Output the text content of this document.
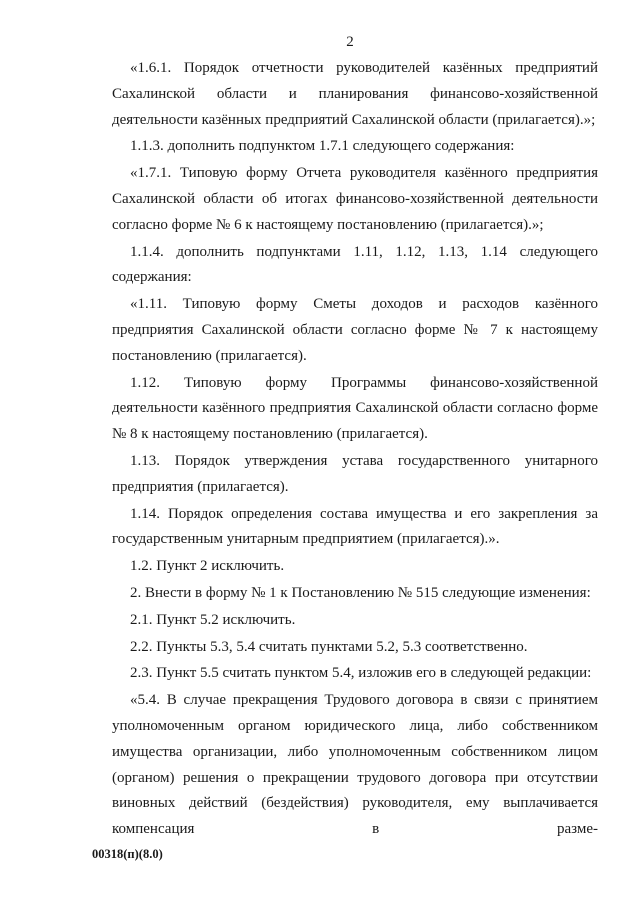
2

«1.6.1. Порядок отчетности руководителей казённых предприятий Сахалинской области и планирования финансово-хозяйственной деятельности казённых предприятий Сахалинской области (прилагается).»;

1.1.3. дополнить подпунктом 1.7.1 следующего содержания:

«1.7.1. Типовую форму Отчета руководителя казённого предприятия Сахалинской области об итогах финансово-хозяйственной деятельности согласно форме № 6 к настоящему постановлению (прилагается).»;

1.1.4. дополнить подпунктами 1.11, 1.12, 1.13, 1.14 следующего содержания:

«1.11. Типовую форму Сметы доходов и расходов казённого предприятия Сахалинской области согласно форме № 7 к настоящему постановлению (прилагается).

1.12. Типовую форму Программы финансово-хозяйственной деятельности казённого предприятия Сахалинской области согласно форме № 8 к настоящему постановлению (прилагается).

1.13. Порядок утверждения устава государственного унитарного предприятия (прилагается).

1.14. Порядок определения состава имущества и его закрепления за государственным унитарным предприятием (прилагается).».

1.2. Пункт 2 исключить.

2. Внести в форму № 1 к Постановлению № 515 следующие изменения:

2.1. Пункт 5.2 исключить.

2.2. Пункты 5.3, 5.4 считать пунктами 5.2, 5.3 соответственно.

2.3. Пункт 5.5 считать пунктом 5.4, изложив его в следующей редакции:

«5.4. В случае прекращения Трудового договора в связи с принятием уполномоченным органом юридического лица, либо собственником имущества организации, либо уполномоченным собственником лицом (органом) решения о прекращении трудового договора при отсутствии виновных действий (бездействия) руководителя, ему выплачивается компенсация в разме-

00318(п)(8.0)
